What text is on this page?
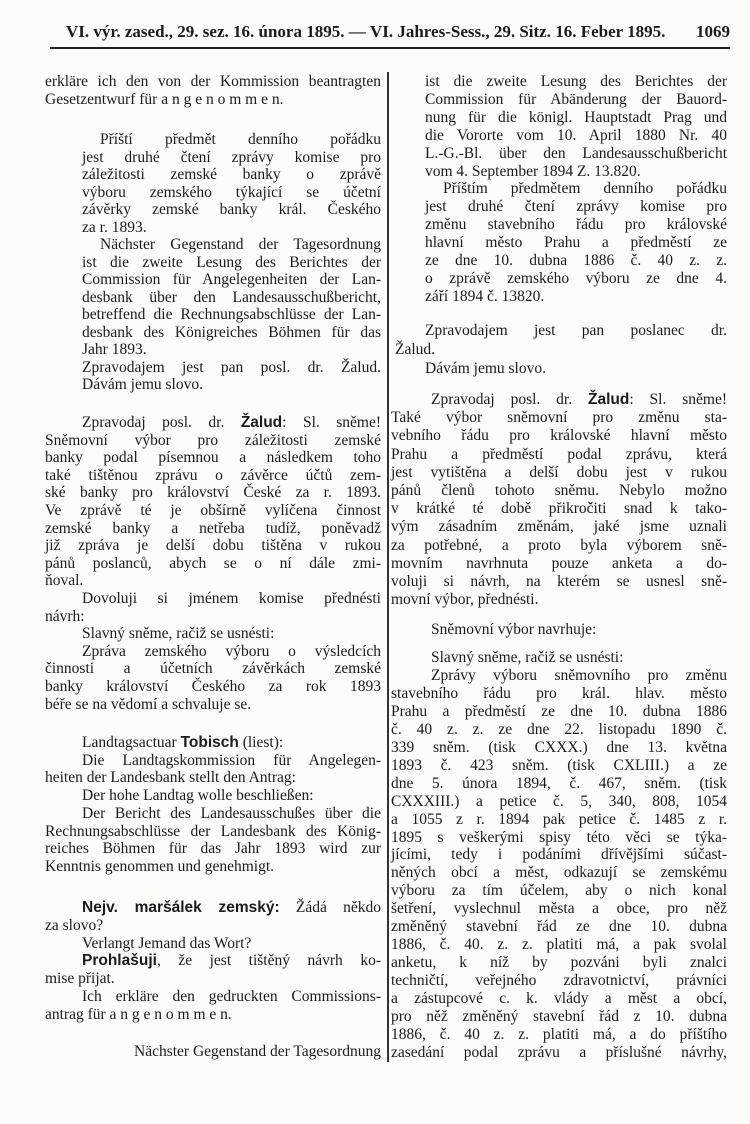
VI. výr. zased., 29. sez. 16. února 1895. — VI. Jahres-Sess., 29. Sitz. 16. Feber 1895. 1069
erkläre ich den von der Kommission beantragten
Gesetzentwurf für a n g e n o m m e n.
Příští předmět denního pořádku
jest druhé čtení zprávy komise pro
záležitosti zemské banky o zprávě
výboru zemského týkající se účetní
závěrky zemské banky král. Českého
za r. 1893.
Nächster Gegenstand der Tagesordnung
ist die zweite Lesung des Berichtes der
Commission für Angelegenheiten der Lan-
desbank über den Landesausschußbericht,
betreffend die Rechnungsabschlüsse der Lan-
desbank des Königreiches Böhmen für das
Jahr 1893.
Zpravodajem jest pan posl. dr. Žalud.
Dávám jemu slovo.
Zpravodaj posl. dr. Žalud: Sl. sněme!
Sněmovní výbor pro záležitosti zemské
banky podal písemnou a následkem toho
také tištěnou zprávu o závěrce účtů zem-
ské banky pro království České za r. 1893.
Ve zprávě té je obšírně vylíčena činnost
zemské banky a netřeba tudíž, poněvadž
již zpráva je delší dobu tištěna v rukou
pánů poslanců, abych se o ní dále zmi-
ňoval.
Dovoluji si jménem komise přednésti
návrh:
Slavný sněme, račiž se usnésti:
Zpráva zemského výboru o výsledcích
činnosti a účetních závěrkách zemské
banky království Českého za rok 1893
béře se na vědomí a schvaluje se.
Landtagsactuar Tobisch (liest):
Die Landtagskommission für Angelegen-
heiten der Landesbank stellt den Antrag:
Der hohe Landtag wolle beschließen:
Der Bericht des Landesausschußes über die
Rechnungsabschlüsse der Landesbank des König-
reiches Böhmen für das Jahr 1893 wird zur
Kenntnis genommen und genehmigt.
Nejv. maršálek zemský: Žádá někdo
za slovo?
Verlangt Jemand das Wort?
Prohlašuji, že jest tištěný návrh ko-
mise přijat.
Ich erkläre den gedruckten Commissions-
antrag für a n g e n o m m e n.
Nächster Gegenstand der Tagesordnung
ist die zweite Lesung des Berichtes der
Commission für Abänderung der Bauord-
nung für die königl. Hauptstadt Prag und
die Vororte vom 10. April 1880 Nr. 40
L.-G.-Bl. über den Landesausschußbericht
vom 4. September 1894 Z. 13.820.
Příštím předmětem denního pořádku
jest druhé čtení zprávy komise pro
změnu stavebního řádu pro královské
hlavní město Prahu a předměstí ze
ze dne 10. dubna 1886 č. 40 z. z.
o zprávě zemského výboru ze dne 4.
září 1894 č. 13820.
Zpravodajem jest pan poslanec dr.
Žalud.
Dávám jemu slovo.
Zpravodaj posl. dr. Žalud: Sl. sněme!
Také výbor sněmovní pro změnu sta-
vebního řádu pro královské hlavní město
Prahu a předměstí podal zprávu, která
jest vytištěna a delší dobu jest v rukou
pánů členů tohoto sněmu. Nebylo možno
v krátké té době přikročiti snad k tako-
vým zásadním změnám, jaké jsme uznali
za potřebné, a proto byla výborem sně-
movním navrhnuta pouze anketa a do-
voluji si návrh, na kterém se usnesl sně-
movní výbor, přednésti.
Sněmovní výbor navrhuje:
Slavný sněme, račiž se usnésti:
Zprávy výboru sněmovního pro změnu
stavebního řádu pro král. hlav. město
Prahu a předměstí ze dne 10. dubna 1886
č. 40 z. z. ze dne 22. listopadu 1890 č.
339 sněm. (tisk CXXX.) dne 13. května
1893 č. 423 sněm. (tisk CXLIII.) a ze
dne 5. února 1894, č. 467, sněm. (tisk
CXXXIII.) a petice č. 5, 340, 808, 1054
a 1055 z r. 1894 pak petice č. 1485 z r.
1895 s veškerými spisy této věci se týka-
jícími, tedy i podáními dřívějšími súčast-
něných obcí a měst, odkazují se zemskému
výboru za tím účelem, aby o nich konal
šetření, vyslechnul města a obce, pro něž
změněný stavební řád ze dne 10. dubna
1886, č. 40. z. z. platiti má, a pak svolal
anketu, k níž by pozváni byli znalci
techničtí, veřejného zdravotnictví, právníci
a zástupcové c. k. vlády a měst a obcí,
pro něž změněný stavební řád z 10. dubna
1886, č. 40 z. z. platiti má, a do příštího
zasedání podal zprávu a příslušné návrhy,
